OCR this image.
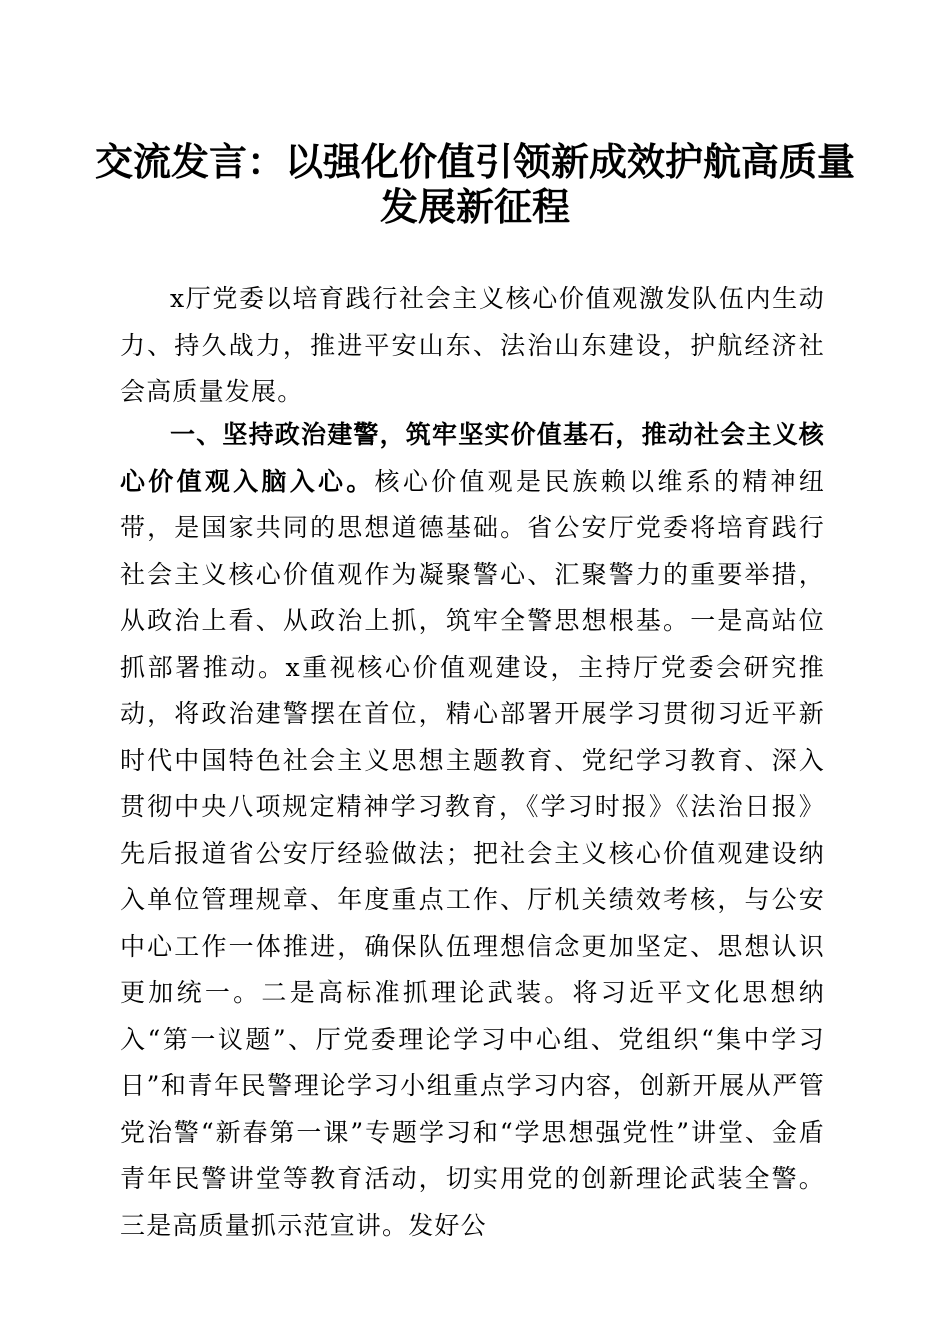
交流发言：以强化价值引领新成效护航高质量
发展新征程

x厅党委以培育践行社会主义核心价值观激发队伍内生动力、持久战力，推进平安山东、法治山东建设，护航经济社会高质量发展。

一、坚持政治建警，筑牢坚实价值基石，推动社会主义核心价值观入脑入心。核心价值观是民族赖以维系的精神纽带，是国家共同的思想道德基础。省公安厅党委将培育践行社会主义核心价值观作为凝聚警心、汇聚警力的重要举措，从政治上看、从政治上抓，筑牢全警思想根基。一是高站位抓部署推动。x重视核心价值观建设，主持厅党委会研究推动，将政治建警摆在首位，精心部署开展学习贯彻习近平新时代中国特色社会主义思想主题教育、党纪学习教育、深入贯彻中央八项规定精神学习教育，《学习时报》《法治日报》先后报道省公安厅经验做法；把社会主义核心价值观建设纳入单位管理规章、年度重点工作、厅机关绩效考核，与公安中心工作一体推进，确保队伍理想信念更加坚定、思想认识更加统一。二是高标准抓理论武装。将习近平文化思想纳入“第一议题”、厅党委理论学习中心组、党组织“集中学习日”和青年民警理论学习小组重点学习内容，创新开展从严管党治警“新春第一课”专题学习和“学思想强党性”讲堂、金盾青年民警讲堂等教育活动，切实用党的创新理论武装全警。三是高质量抓示范宣讲。发好公
